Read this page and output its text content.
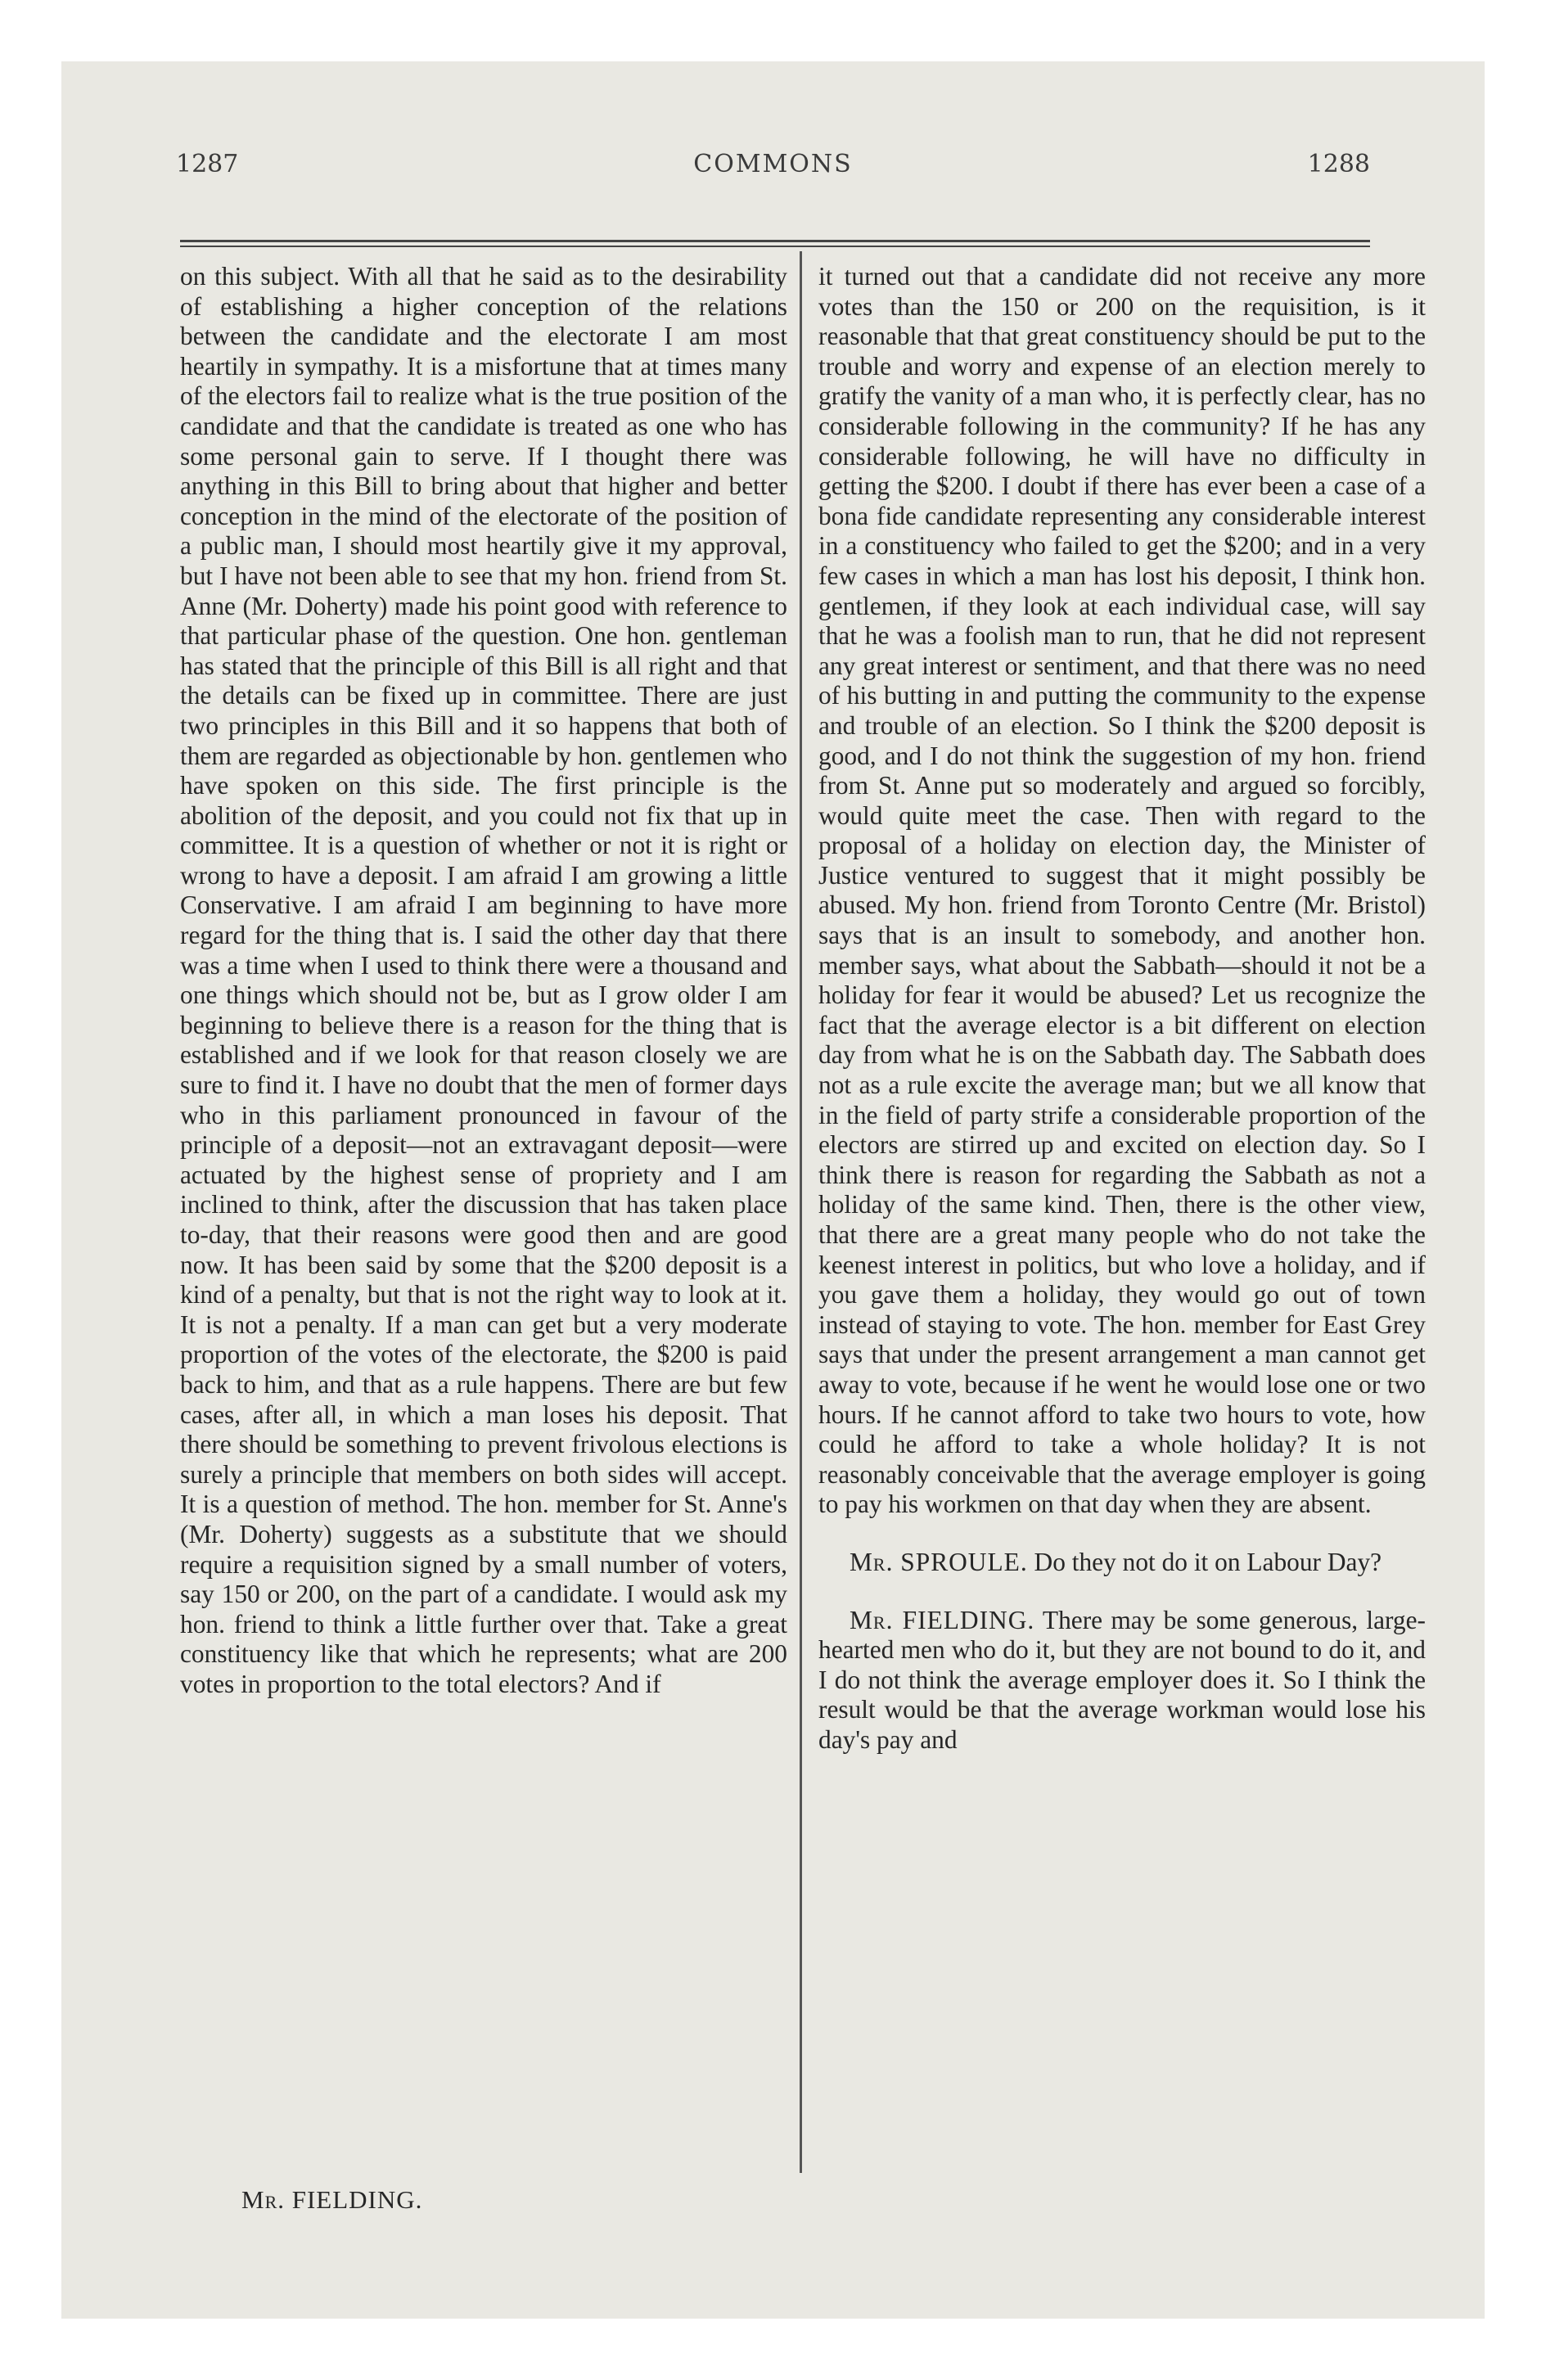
1287	COMMONS	1288

on this subject. With all that he said as to the desirability of establishing a higher conception of the relations between the candidate and the electorate I am most heartily in sympathy. It is a misfortune that at times many of the electors fail to realize what is the true position of the candidate and that the candidate is treated as one who has some personal gain to serve. If I thought there was anything in this Bill to bring about that higher and better conception in the mind of the electorate of the position of a public man, I should most heartily give it my approval, but I have not been able to see that my hon. friend from St. Anne (Mr. Doherty) made his point good with reference to that particular phase of the question. One hon. gentleman has stated that the principle of this Bill is all right and that the details can be fixed up in committee. There are just two principles in this Bill and it so happens that both of them are regarded as objectionable by hon. gentlemen who have spoken on this side. The first principle is the abolition of the deposit, and you could not fix that up in committee. It is a question of whether or not it is right or wrong to have a deposit. I am afraid I am growing a little Conservative. I am afraid I am beginning to have more regard for the thing that is. I said the other day that there was a time when I used to think there were a thousand and one things which should not be, but as I grow older I am beginning to believe there is a reason for the thing that is established and if we look for that reason closely we are sure to find it. I have no doubt that the men of former days who in this parliament pronounced in favour of the principle of a deposit—not an extravagant deposit—were actuated by the highest sense of propriety and I am inclined to think, after the discussion that has taken place to-day, that their reasons were good then and are good now. It has been said by some that the $200 deposit is a kind of a penalty, but that is not the right way to look at it. It is not a penalty. If a man can get but a very moderate proportion of the votes of the electorate, the $200 is paid back to him, and that as a rule happens. There are but few cases, after all, in which a man loses his deposit. That there should be something to prevent frivolous elections is surely a principle that members on both sides will accept. It is a question of method. The hon. member for St. Anne's (Mr. Doherty) suggests as a substitute that we should require a requisition signed by a small number of voters, say 150 or 200, on the part of a candidate. I would ask my hon. friend to think a little further over that. Take a great constituency like that which he represents; what are 200 votes in proportion to the total electors? And if

it turned out that a candidate did not receive any more votes than the 150 or 200 on the requisition, is it reasonable that that great constituency should be put to the trouble and worry and expense of an election merely to gratify the vanity of a man who, it is perfectly clear, has no considerable following in the community? If he has any considerable following, he will have no difficulty in getting the $200. I doubt if there has ever been a case of a bona fide candidate representing any considerable interest in a constituency who failed to get the $200; and in a very few cases in which a man has lost his deposit, I think hon. gentlemen, if they look at each individual case, will say that he was a foolish man to run, that he did not represent any great interest or sentiment, and that there was no need of his butting in and putting the community to the expense and trouble of an election. So I think the $200 deposit is good, and I do not think the suggestion of my hon. friend from St. Anne put so moderately and argued so forcibly, would quite meet the case. Then with regard to the proposal of a holiday on election day, the Minister of Justice ventured to suggest that it might possibly be abused. My hon. friend from Toronto Centre (Mr. Bristol) says that is an insult to somebody, and another hon. member says, what about the Sabbath—should it not be a holiday for fear it would be abused? Let us recognize the fact that the average elector is a bit different on election day from what he is on the Sabbath day. The Sabbath does not as a rule excite the average man; but we all know that in the field of party strife a considerable proportion of the electors are stirred up and excited on election day. So I think there is reason for regarding the Sabbath as not a holiday of the same kind. Then, there is the other view, that there are a great many people who do not take the keenest interest in politics, but who love a holiday, and if you gave them a holiday, they would go out of town instead of staying to vote. The hon. member for East Grey says that under the present arrangement a man cannot get away to vote, because if he went he would lose one or two hours. If he cannot afford to take two hours to vote, how could he afford to take a whole holiday? It is not reasonably conceivable that the average employer is going to pay his workmen on that day when they are absent.

Mr. SPROULE. Do they not do it on Labour Day?

Mr. FIELDING. There may be some generous, large-hearted men who do it, but they are not bound to do it, and I do not think the average employer does it. So I think the result would be that the average workman would lose his day's pay and

Mr. FIELDING.
